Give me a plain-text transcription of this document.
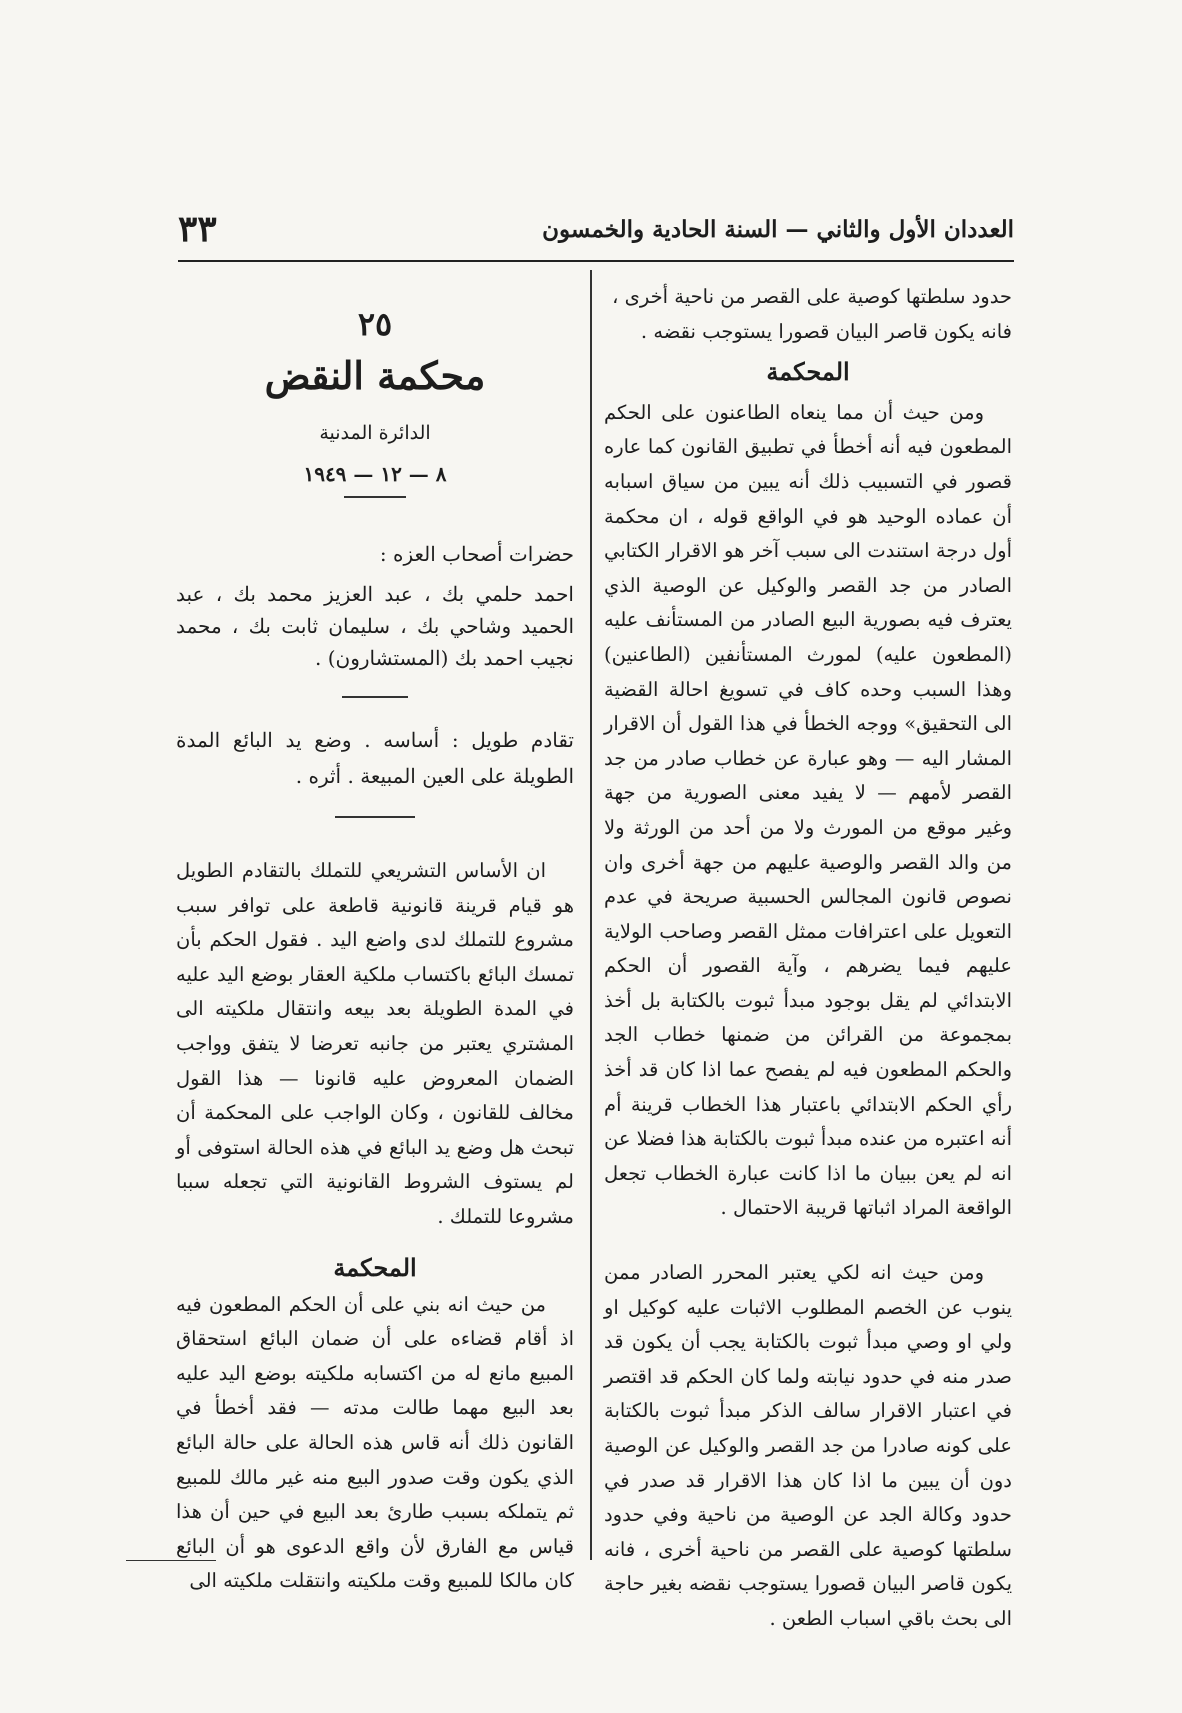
العددان الأول والثاني — السنة الحادية والخمسون
٣٣

حدود سلطتها كوصية على القصر من ناحية أخرى ،

فانه يكون قاصر البيان قصورا يستوجب نقضه .

المحكمة

ومن حيث أن مما ينعاه الطاعنون على الحكم المطعون فيه أنه أخطأ في تطبيق القانون كما عاره قصور في التسبيب ذلك أنه يبين من سياق اسبابه أن عماده الوحيد هو في الواقع قوله ، ان محكمة أول درجة استندت الى سبب آخر هو الاقرار الكتابي الصادر من جد القصر والوكيل عن الوصية الذي يعترف فيه بصورية البيع الصادر من المستأنف عليه (المطعون عليه) لمورث المستأنفين (الطاعنين) وهذا السبب وحده كاف في تسويغ احالة القضية الى التحقيق» ووجه الخطأ في هذا القول أن الاقرار المشار اليه — وهو عبارة عن خطاب صادر من جد القصر لأمهم — لا يفيد معنى الصورية من جهة وغير موقع من المورث ولا من أحد من الورثة ولا من والد القصر والوصية عليهم من جهة أخرى وان نصوص قانون المجالس الحسبية صريحة في عدم التعويل على اعترافات ممثل القصر وصاحب الولاية عليهم فيما يضرهم ، وآية القصور أن الحكم الابتدائي لم يقل بوجود مبدأ ثبوت بالكتابة بل أخذ بمجموعة من القرائن من ضمنها خطاب الجد والحكم المطعون فيه لم يفصح عما اذا كان قد أخذ رأي الحكم الابتدائي باعتبار هذا الخطاب قرينة أم أنه اعتبره من عنده مبدأ ثبوت بالكتابة هذا فضلا عن انه لم يعن ببيان ما اذا كانت عبارة الخطاب تجعل الواقعة المراد اثباتها قريبة الاحتمال .

ومن حيث انه لكي يعتبر المحرر الصادر ممن ينوب عن الخصم المطلوب الاثبات عليه كوكيل او ولي او وصي مبدأ ثبوت بالكتابة يجب أن يكون قد صدر منه في حدود نيابته ولما كان الحكم قد اقتصر في اعتبار الاقرار سالف الذكر مبدأ ثبوت بالكتابة على كونه صادرا من جد القصر والوكيل عن الوصية دون أن يبين ما اذا كان هذا الاقرار قد صدر في حدود وكالة الجد عن الوصية من ناحية وفي حدود سلطتها كوصية على القصر من ناحية أخرى ، فانه يكون قاصر البيان قصورا يستوجب نقضه بغير حاجة الى بحث باقي اسباب الطعن .

٢٥

محكمة النقض

الدائرة المدنية

٨ — ١٢ — ١٩٤٩

حضرات أصحاب العزه :

احمد حلمي بك ، عبد العزيز محمد بك ، عبد الحميد وشاحي بك ، سليمان ثابت بك ، محمد نجيب احمد بك (المستشارون) .

تقادم طويل : أساسه . وضع يد البائع المدة الطويلة على العين المبيعة . أثره .

ان الأساس التشريعي للتملك بالتقادم الطويل هو قيام قرينة قانونية قاطعة على توافر سبب مشروع للتملك لدى واضع اليد . فقول الحكم بأن تمسك البائع باكتساب ملكية العقار بوضع اليد عليه في المدة الطويلة بعد بيعه وانتقال ملكيته الى المشتري يعتبر من جانبه تعرضا لا يتفق وواجب الضمان المعروض عليه قانونا — هذا القول مخالف للقانون ، وكان الواجب على المحكمة أن تبحث هل وضع يد البائع في هذه الحالة استوفى أو لم يستوف الشروط القانونية التي تجعله سببا مشروعا للتملك .

المحكمة

من حيث انه بني على أن الحكم المطعون فيه اذ أقام قضاءه على أن ضمان البائع استحقاق المبيع مانع له من اكتسابه ملكيته بوضع اليد عليه بعد البيع مهما طالت مدته — فقد أخطأ في القانون ذلك أنه قاس هذه الحالة على حالة البائع الذي يكون وقت صدور البيع منه غير مالك للمبيع ثم يتملكه بسبب طارئ بعد البيع في حين أن هذا قياس مع الفارق لأن واقع الدعوى هو أن البائع كان مالكا للمبيع وقت ملكيته وانتقلت ملكيته الى
